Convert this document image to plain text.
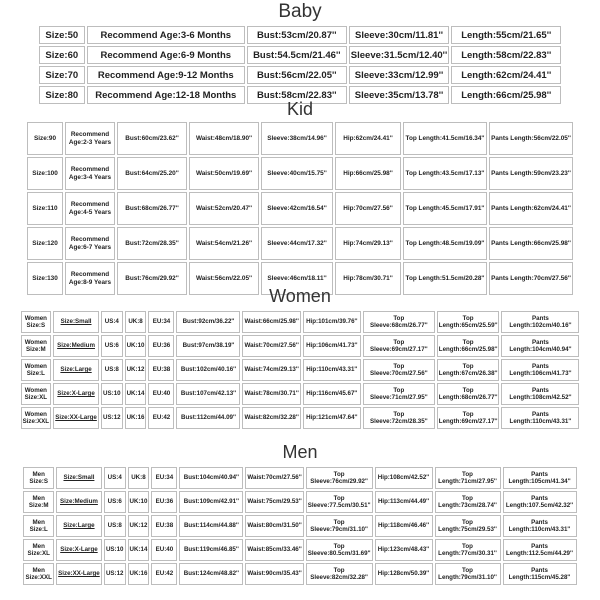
Baby
Size:50	Recommend Age:3-6 Months	Bust:53cm/20.87''	Sleeve:30cm/11.81''	Length:55cm/21.65''
Size:60	Recommend Age:6-9 Months	Bust:54.5cm/21.46''	Sleeve:31.5cm/12.40''	Length:58cm/22.83''
Size:70	Recommend Age:9-12 Months	Bust:56cm/22.05''	Sleeve:33cm/12.99''	Length:62cm/24.41''
Size:80	Recommend Age:12-18 Months	Bust:58cm/22.83''	Sleeve:35cm/13.78''	Length:66cm/25.98''
Kid
Size:90	Recommend Age:2-3 Years	Bust:60cm/23.62''	Waist:48cm/18.90''	Sleeve:38cm/14.96''	Hip:62cm/24.41''	Top Length:41.5cm/16.34''	Pants Length:56cm/22.05''
Size:100	Recommend Age:3-4 Years	Bust:64cm/25.20''	Waist:50cm/19.69''	Sleeve:40cm/15.75''	Hip:66cm/25.98''	Top Length:43.5cm/17.13''	Pants Length:59cm/23.23''
Size:110	Recommend Age:4-5 Years	Bust:68cm/26.77''	Waist:52cm/20.47''	Sleeve:42cm/16.54''	Hip:70cm/27.56''	Top Length:45.5cm/17.91''	Pants Length:62cm/24.41''
Size:120	Recommend Age:6-7 Years	Bust:72cm/28.35''	Waist:54cm/21.26''	Sleeve:44cm/17.32''	Hip:74cm/29.13''	Top Length:48.5cm/19.09''	Pants Length:66cm/25.98''
Size:130	Recommend Age:8-9 Years	Bust:76cm/29.92''	Waist:56cm/22.05''	Sleeve:46cm/18.11''	Hip:78cm/30.71''	Top Length:51.5cm/20.28''	Pants Length:70cm/27.56''
Women
Women Size:S	Size:Small	US:4	UK:8	EU:34	Bust:92cm/36.22''	Waist:66cm/25.98''	Hip:101cm/39.76''	Top Sleeve:68cm/26.77''	Top Length:65cm/25.59''	Pants Length:102cm/40.16''
Women Size:M	Size:Medium	US:6	UK:10	EU:36	Bust:97cm/38.19''	Waist:70cm/27.56''	Hip:106cm/41.73''	Top Sleeve:69cm/27.17''	Top Length:66cm/25.98''	Pants Length:104cm/40.94''
Women Size:L	Size:Large	US:8	UK:12	EU:38	Bust:102cm/40.16''	Waist:74cm/29.13''	Hip:110cm/43.31''	Top Sleeve:70cm/27.56''	Top Length:67cm/26.38''	Pants Length:106cm/41.73''
Women Size:XL	Size:X-Large	US:10	UK:14	EU:40	Bust:107cm/42.13''	Waist:78cm/30.71''	Hip:116cm/45.67''	Top Sleeve:71cm/27.95''	Top Length:68cm/26.77''	Pants Length:108cm/42.52''
Women Size:XXL	Size:XX-Large	US:12	UK:16	EU:42	Bust:112cm/44.09''	Waist:82cm/32.28''	Hip:121cm/47.64''	Top Sleeve:72cm/28.35''	Top Length:69cm/27.17''	Pants Length:110cm/43.31''
Men
Men Size:S	Size:Small	US:4	UK:8	EU:34	Bust:104cm/40.94''	Waist:70cm/27.56''	Top Sleeve:76cm/29.92''	Hip:108cm/42.52''	Top Length:71cm/27.95''	Pants Length:105cm/41.34''
Men Size:M	Size:Medium	US:6	UK:10	EU:36	Bust:109cm/42.91''	Waist:75cm/29.53''	Top Sleeve:77.5cm/30.51''	Hip:113cm/44.49''	Top Length:73cm/28.74''	Pants Length:107.5cm/42.32''
Men Size:L	Size:Large	US:8	UK:12	EU:38	Bust:114cm/44.88''	Waist:80cm/31.50''	Top Sleeve:79cm/31.10''	Hip:118cm/46.46''	Top Length:75cm/29.53''	Pants Length:110cm/43.31''
Men Size:XL	Size:X-Large	US:10	UK:14	EU:40	Bust:119cm/46.85''	Waist:85cm/33.46''	Top Sleeve:80.5cm/31.69''	Hip:123cm/48.43''	Top Length:77cm/30.31''	Pants Length:112.5cm/44.29''
Men Size:XXL	Size:XX-Large	US:12	UK:16	EU:42	Bust:124cm/48.82''	Waist:90cm/35.43''	Top Sleeve:82cm/32.28''	Hip:128cm/50.39''	Top Length:79cm/31.10''	Pants Length:115cm/45.28''
